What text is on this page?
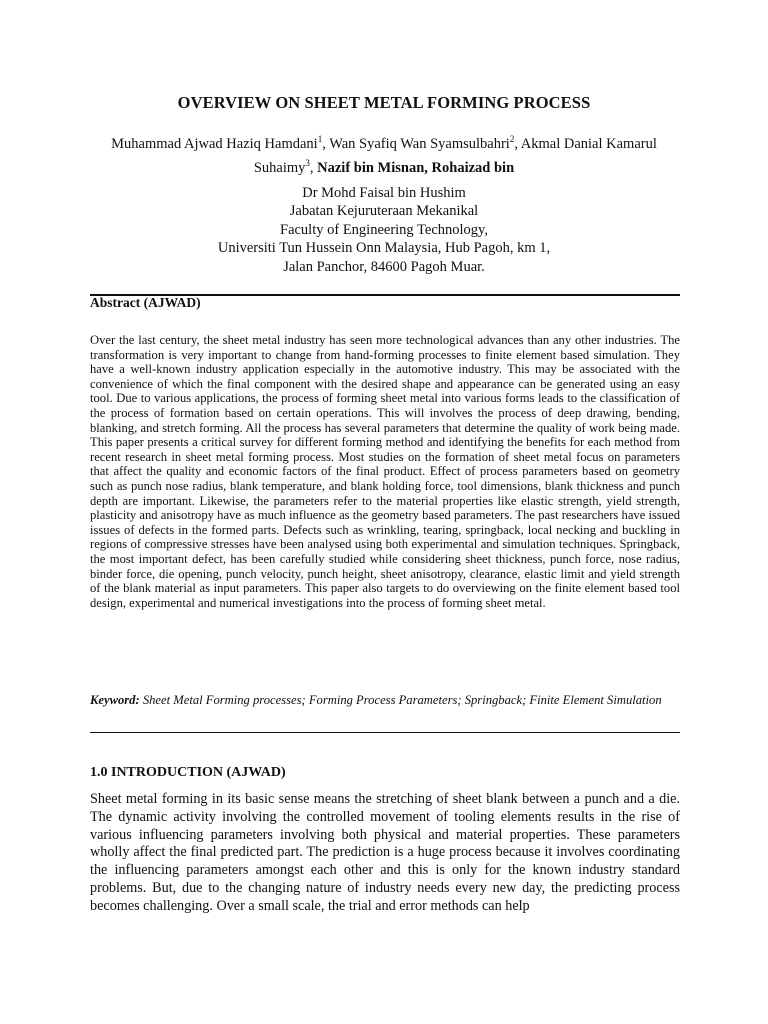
OVERVIEW ON SHEET METAL FORMING PROCESS
Muhammad Ajwad Haziq Hamdani$^1$, Wan Syafiq Wan Syamsulbahri$^2$, Akmal Danial Kamarul Suhaimy$^3$, Nazif bin Misnan, Rohaizad bin
Dr Mohd Faisal bin Hushim
Jabatan Kejuruteraan Mekanikal
Faculty of Engineering Technology,
Universiti Tun Hussein Onn Malaysia, Hub Pagoh, km 1,
Jalan Panchor, 84600 Pagoh Muar.
Abstract (AJWAD)

Over the last century, the sheet metal industry has seen more technological advances than any other industries. The transformation is very important to change from hand-forming processes to finite element based simulation. They have a well-known industry application especially in the automotive industry. This may be associated with the convenience of which the final component with the desired shape and appearance can be generated using an easy tool. Due to various applications, the process of forming sheet metal into various forms leads to the classification of the process of formation based on certain operations. This will involves the process of deep drawing, bending, blanking, and stretch forming. All the process has several parameters that determine the quality of work being made. This paper presents a critical survey for different forming method and identifying the benefits for each method from recent research in sheet metal forming process. Most studies on the formation of sheet metal focus on parameters that affect the quality and economic factors of the final product. Effect of process parameters based on geometry such as punch nose radius, blank temperature, and blank holding force, tool dimensions, blank thickness and punch depth are important. Likewise, the parameters refer to the material properties like elastic strength, yield strength, plasticity and anisotropy have as much influence as the geometry based parameters. The past researchers have issued issues of defects in the formed parts. Defects such as wrinkling, tearing, springback, local necking and buckling in regions of compressive stresses have been analysed using both experimental and simulation techniques. Springback, the most important defect, has been carefully studied while considering sheet thickness, punch force, nose radius, binder force, die opening, punch velocity, punch height, sheet anisotropy, clearance, elastic limit and yield strength of the blank material as input parameters. This paper also targets to do overviewing on the finite element based tool design, experimental and numerical investigations into the process of forming sheet metal.

Keyword: Sheet Metal Forming processes; Forming Process Parameters; Springback; Finite Element Simulation

1.0 INTRODUCTION (AJWAD)

Sheet metal forming in its basic sense means the stretching of sheet blank between a punch and a die. The dynamic activity involving the controlled movement of tooling elements results in the rise of various influencing parameters involving both physical and material properties. These parameters wholly affect the final predicted part. The prediction is a huge process because it involves coordinating the influencing parameters amongst each other and this is only for the known industry standard problems. But, due to the changing nature of industry needs every new day, the predicting process becomes challenging. Over a small scale, the trial and error methods can help
